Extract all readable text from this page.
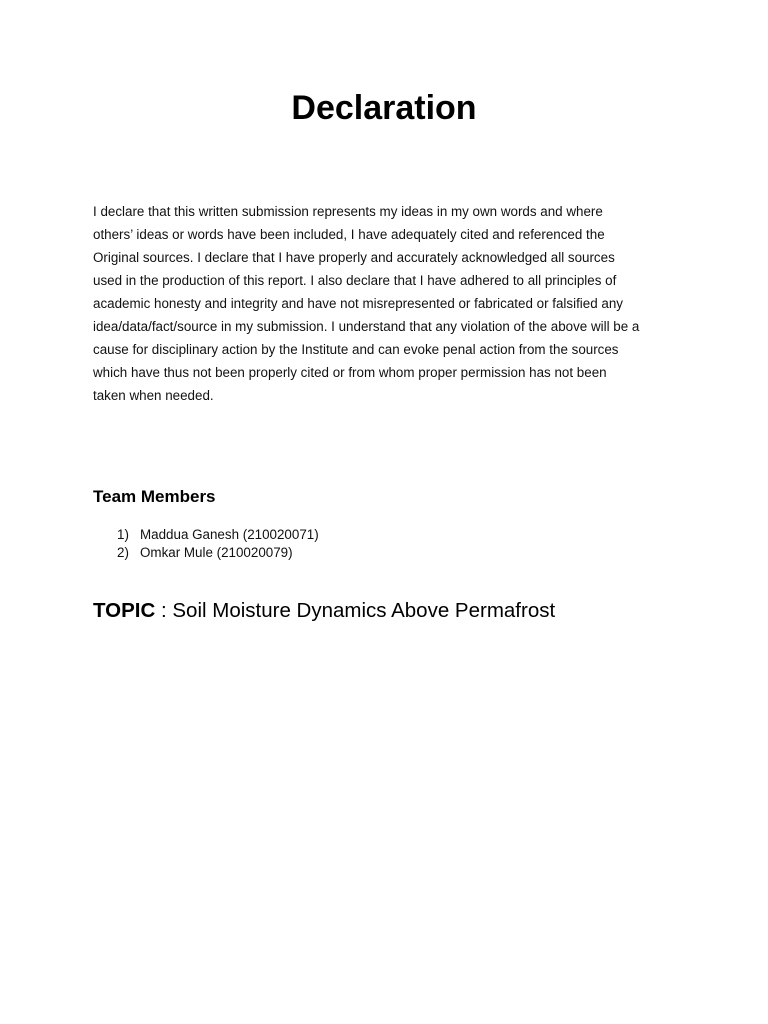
Declaration

I declare that this written submission represents my ideas in my own words and where
others’ ideas or words have been included, I have adequately cited and referenced the
Original sources. I declare that I have properly and accurately acknowledged all sources
used in the production of this report. I also declare that I have adhered to all principles of
academic honesty and integrity and have not misrepresented or fabricated or falsified any
idea/data/fact/source in my submission. I understand that any violation of the above will be a
cause for disciplinary action by the Institute and can evoke penal action from the sources
which have thus not been properly cited or from whom proper permission has not been
taken when needed.

Team Members
1) Maddua Ganesh (210020071)
2) Omkar Mule (210020079)

TOPIC : Soil Moisture Dynamics Above Permafrost
